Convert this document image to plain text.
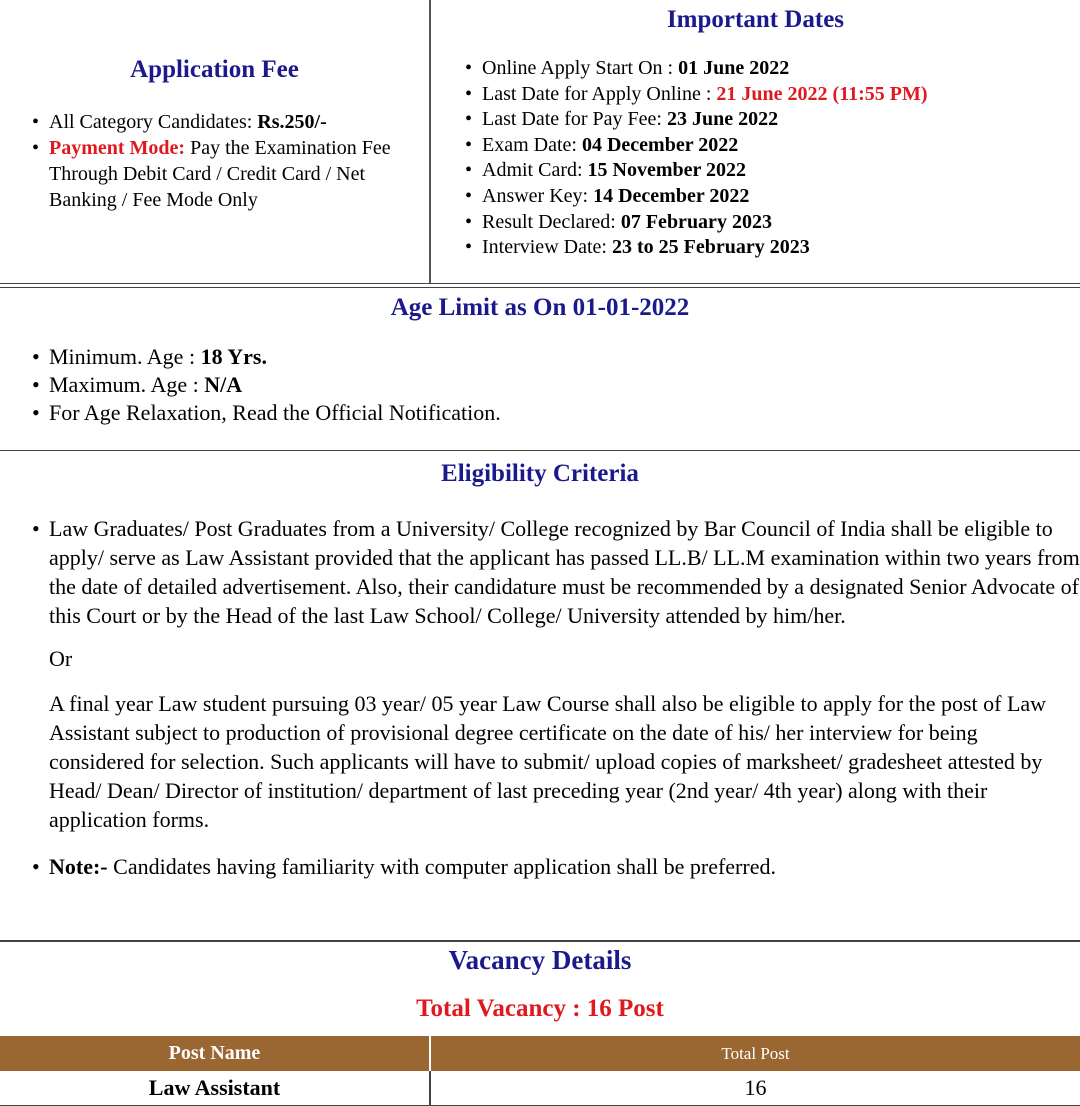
Application Fee
• All Category Candidates: Rs.250/-
• Payment Mode: Pay the Examination Fee Through Debit Card / Credit Card / Net Banking / Fee Mode Only
Important Dates
• Online Apply Start On : 01 June 2022
• Last Date for Apply Online : 21 June 2022 (11:55 PM)
• Last Date for Pay Fee: 23 June 2022
• Exam Date: 04 December 2022
• Admit Card: 15 November 2022
• Answer Key: 14 December 2022
• Result Declared: 07 February 2023
• Interview Date: 23 to 25 February 2023
Age Limit as On 01-01-2022
• Minimum. Age : 18 Yrs.
• Maximum. Age : N/A
• For Age Relaxation, Read the Official Notification.
Eligibility Criteria
• Law Graduates/ Post Graduates from a University/ College recognized by Bar Council of India shall be eligible to apply/ serve as Law Assistant provided that the applicant has passed LL.B/ LL.M examination within two years from the date of detailed advertisement. Also, their candidature must be recommended by a designated Senior Advocate of this Court or by the Head of the last Law School/ College/ University attended by him/her.
Or
A final year Law student pursuing 03 year/ 05 year Law Course shall also be eligible to apply for the post of Law Assistant subject to production of provisional degree certificate on the date of his/ her interview for being considered for selection. Such applicants will have to submit/ upload copies of marksheet/ gradesheet attested by Head/ Dean/ Director of institution/ department of last preceding year (2nd year/ 4th year) along with their application forms.
• Note:- Candidates having familiarity with computer application shall be preferred.
Vacancy Details
Total Vacancy : 16 Post
Post Name	Total Post
Law Assistant	16
